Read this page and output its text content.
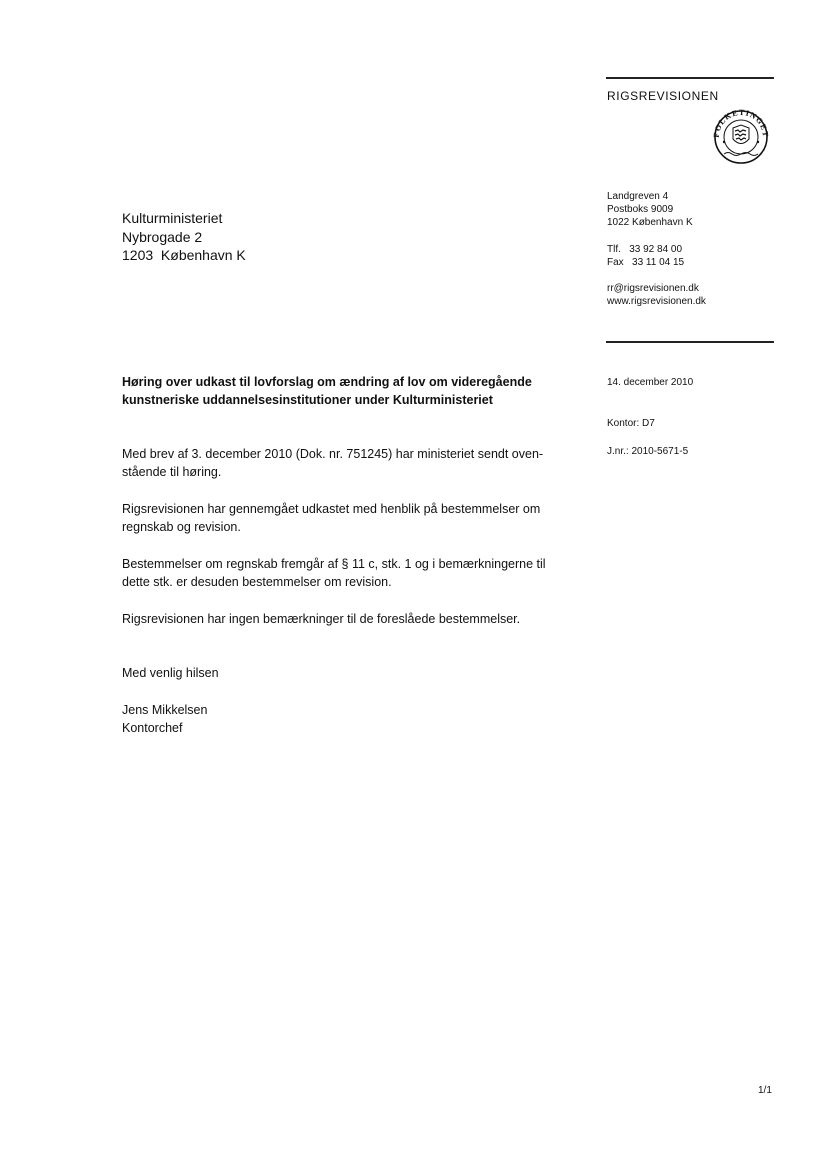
RIGSREVISIONEN
FOLKETINGET
Landgreven 4
Postboks 9009
1022 København K
Tlf.   33 92 84 00
Fax   33 11 04 15
rr@rigsrevisionen.dk
www.rigsrevisionen.dk
14. december 2010
Kontor: D7
J.nr.: 2010-5671-5
Kulturministeriet
Nybrogade 2
1203  København K
Høring over udkast til lovforslag om ændring af lov om videregående
kunstneriske uddannelsesinstitutioner under Kulturministeriet
Med brev af 3. december 2010 (Dok. nr. 751245) har ministeriet sendt oven-
stående til høring.
Rigsrevisionen har gennemgået udkastet med henblik på bestemmelser om
regnskab og revision.
Bestemmelser om regnskab fremgår af § 11 c, stk. 1 og i bemærkningerne til
dette stk. er desuden bestemmelser om revision.
Rigsrevisionen har ingen bemærkninger til de foreslåede bestemmelser.
Med venlig hilsen
Jens Mikkelsen
Kontorchef
1/1
